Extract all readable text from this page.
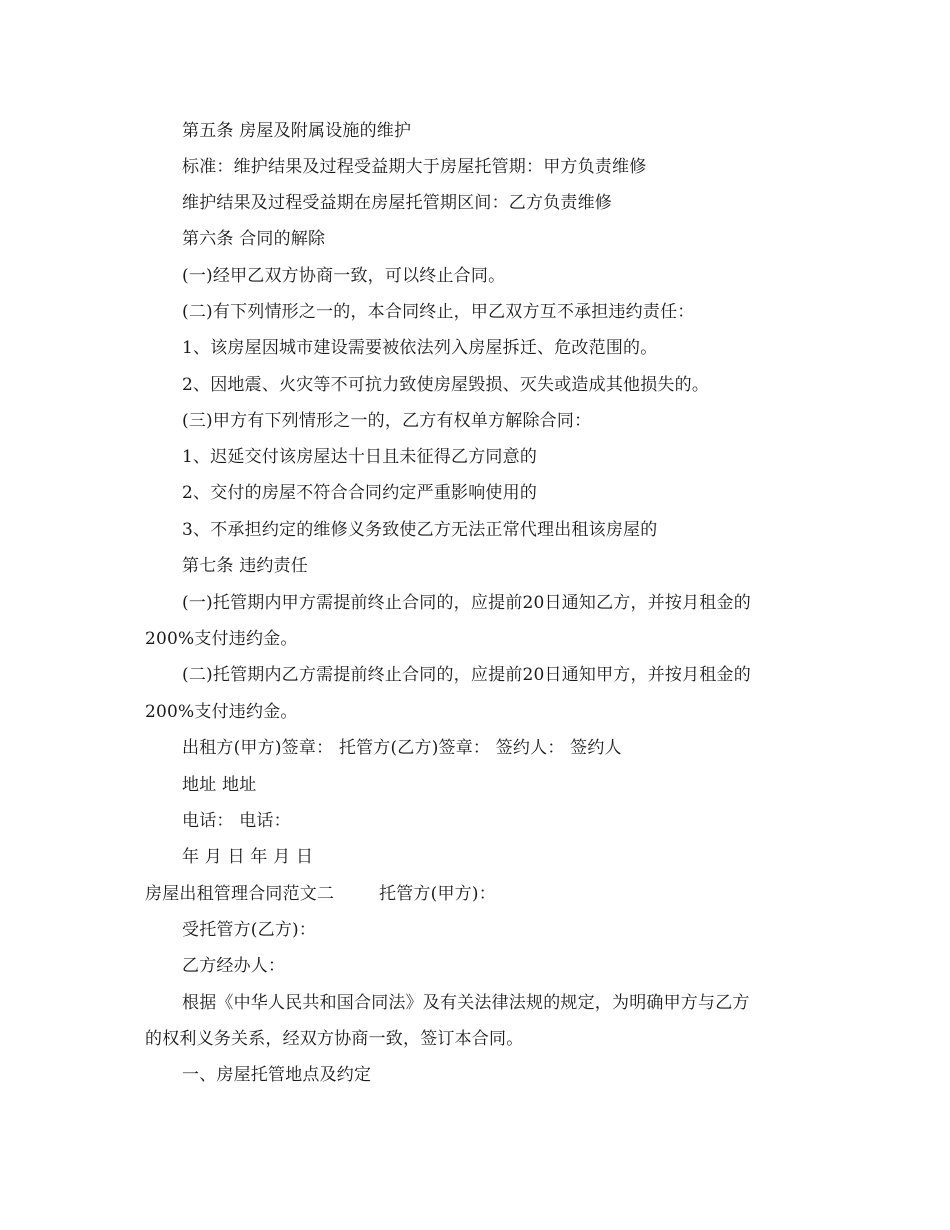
第五条 房屋及附属设施的维护
标准：维护结果及过程受益期大于房屋托管期：甲方负责维修
维护结果及过程受益期在房屋托管期区间：乙方负责维修
第六条 合同的解除
(一)经甲乙双方协商一致，可以终止合同。
(二)有下列情形之一的，本合同终止，甲乙双方互不承担违约责任：
1、该房屋因城市建设需要被依法列入房屋拆迁、危改范围的。
2、因地震、火灾等不可抗力致使房屋毁损、灭失或造成其他损失的。
(三)甲方有下列情形之一的，乙方有权单方解除合同：
1、迟延交付该房屋达十日且未征得乙方同意的
2、交付的房屋不符合合同约定严重影响使用的
3、不承担约定的维修义务致使乙方无法正常代理出租该房屋的
第七条 违约责任
(一)托管期内甲方需提前终止合同的，应提前20日通知乙方，并按月租金的
200%支付违约金。
(二)托管期内乙方需提前终止合同的，应提前20日通知甲方，并按月租金的
200%支付违约金。
出租方(甲方)签章： 托管方(乙方)签章： 签约人： 签约人
地址 地址
电话： 电话：
年 月 日 年 月 日
房屋出租管理合同范文二        托管方(甲方)：
受托管方(乙方)：
乙方经办人：
根据《中华人民共和国合同法》及有关法律法规的规定，为明确甲方与乙方
的权利义务关系，经双方协商一致，签订本合同。
一、房屋托管地点及约定
